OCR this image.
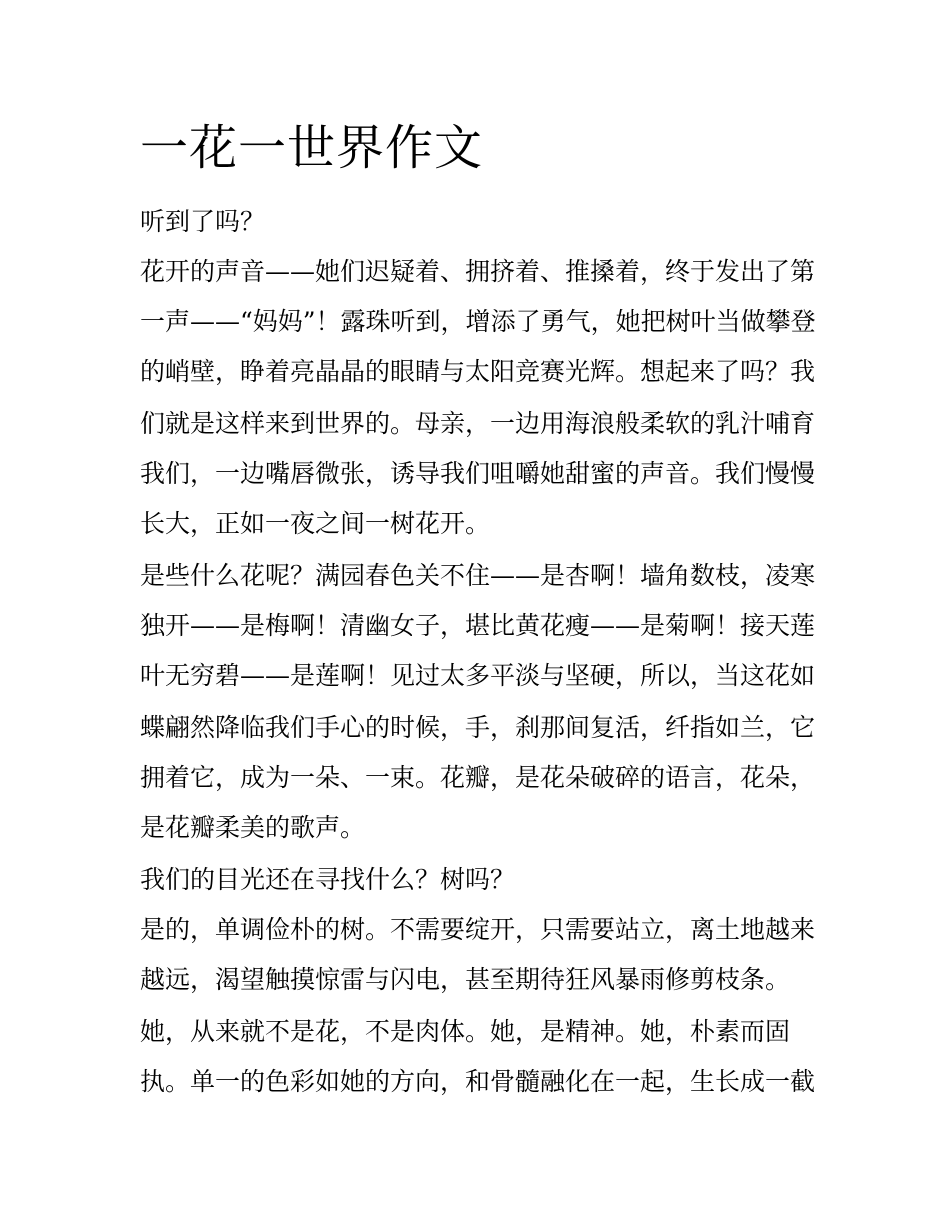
一花一世界作文

听到了吗？

花开的声音——她们迟疑着、拥挤着、推搡着，终于发出了第

一声——“妈妈”！露珠听到，增添了勇气，她把树叶当做攀登

的峭壁，睁着亮晶晶的眼睛与太阳竞赛光辉。想起来了吗？我

们就是这样来到世界的。母亲，一边用海浪般柔软的乳汁哺育

我们，一边嘴唇微张，诱导我们咀嚼她甜蜜的声音。我们慢慢

长大，正如一夜之间一树花开。

是些什么花呢？满园春色关不住——是杏啊！墙角数枝，凌寒

独开——是梅啊！清幽女子，堪比黄花瘦——是菊啊！接天莲

叶无穷碧——是莲啊！见过太多平淡与坚硬，所以，当这花如

蝶翩然降临我们手心的时候，手，刹那间复活，纤指如兰，它

拥着它，成为一朵、一束。花瓣，是花朵破碎的语言，花朵，

是花瓣柔美的歌声。

我们的目光还在寻找什么？树吗？

是的，单调俭朴的树。不需要绽开，只需要站立，离土地越来

越远，渴望触摸惊雷与闪电，甚至期待狂风暴雨修剪枝条。

她，从来就不是花，不是肉体。她，是精神。她，朴素而固

执。单一的色彩如她的方向，和骨髓融化在一起，生长成一截
